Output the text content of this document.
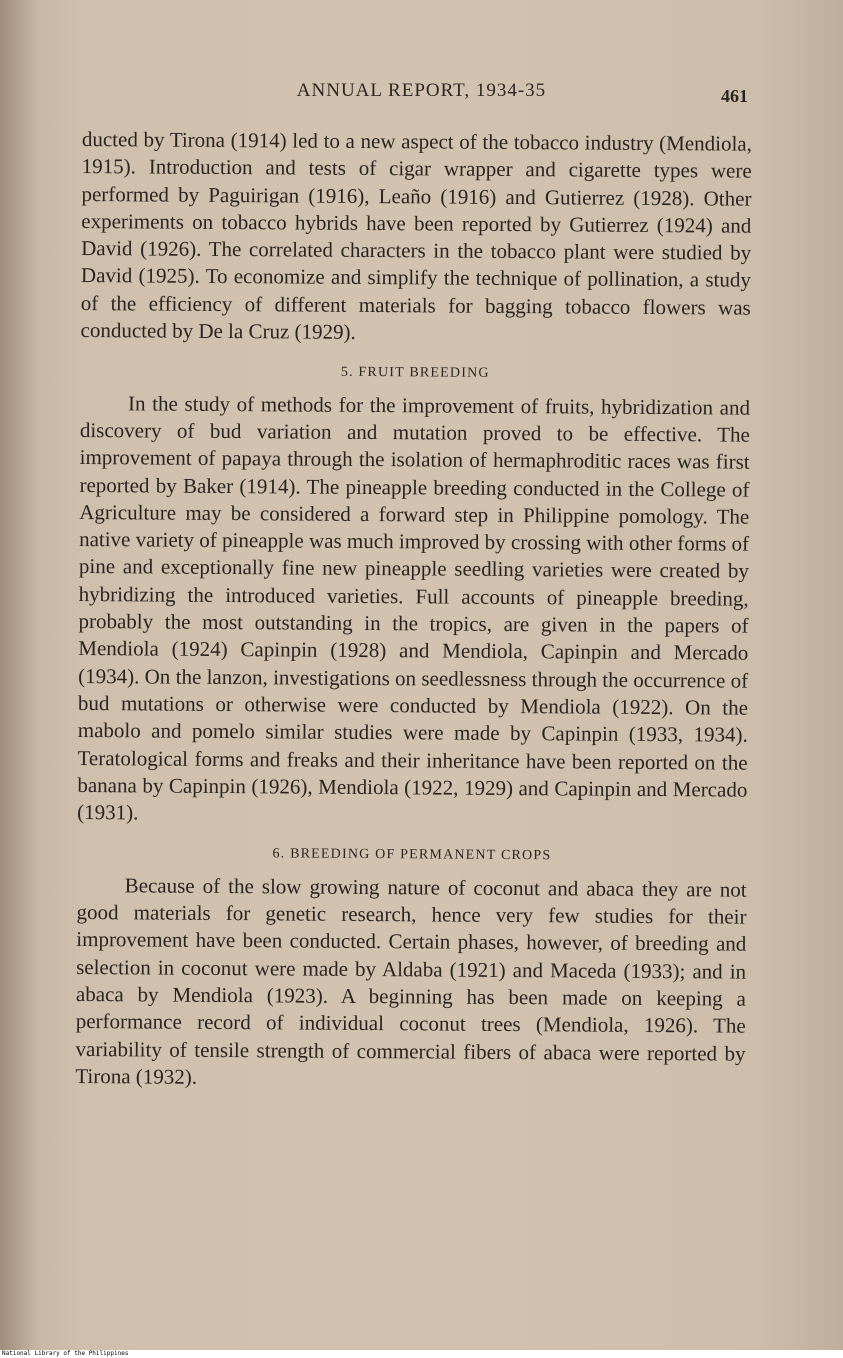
ANNUAL REPORT, 1934-35	461

ducted by Tirona (1914) led to a new aspect of the tobacco industry (Mendiola, 1915). Introduction and tests of cigar wrapper and cigarette types were performed by Paguirigan (1916), Leaño (1916) and Gutierrez (1928). Other experiments on tobacco hybrids have been reported by Gutierrez (1924) and David (1926). The correlated characters in the tobacco plant were studied by David (1925). To economize and simplify the technique of pollination, a study of the efficiency of different materials for bagging tobacco flowers was conducted by De la Cruz (1929).

5. FRUIT BREEDING

In the study of methods for the improvement of fruits, hybridization and discovery of bud variation and mutation proved to be effective. The improvement of papaya through the isolation of hermaphroditic races was first reported by Baker (1914). The pineapple breeding conducted in the College of Agriculture may be considered a forward step in Philippine pomology. The native variety of pineapple was much improved by crossing with other forms of pine and exceptionally fine new pineapple seedling varieties were created by hybridizing the introduced varieties. Full accounts of pineapple breeding, probably the most outstanding in the tropics, are given in the papers of Mendiola (1924) Capinpin (1928) and Mendiola, Capinpin and Mercado (1934). On the lanzon, investigations on seedlessness through the occurrence of bud mutations or otherwise were conducted by Mendiola (1922). On the mabolo and pomelo similar studies were made by Capinpin (1933, 1934). Teratological forms and freaks and their inheritance have been reported on the banana by Capinpin (1926), Mendiola (1922, 1929) and Capinpin and Mercado (1931).

6. BREEDING OF PERMANENT CROPS

Because of the slow growing nature of coconut and abaca they are not good materials for genetic research, hence very few studies for their improvement have been conducted. Certain phases, however, of breeding and selection in coconut were made by Aldaba (1921) and Maceda (1933); and in abaca by Mendiola (1923). A beginning has been made on keeping a performance record of individual coconut trees (Mendiola, 1926). The variability of tensile strength of commercial fibers of abaca were reported by Tirona (1932).

National Library of the Philippines
